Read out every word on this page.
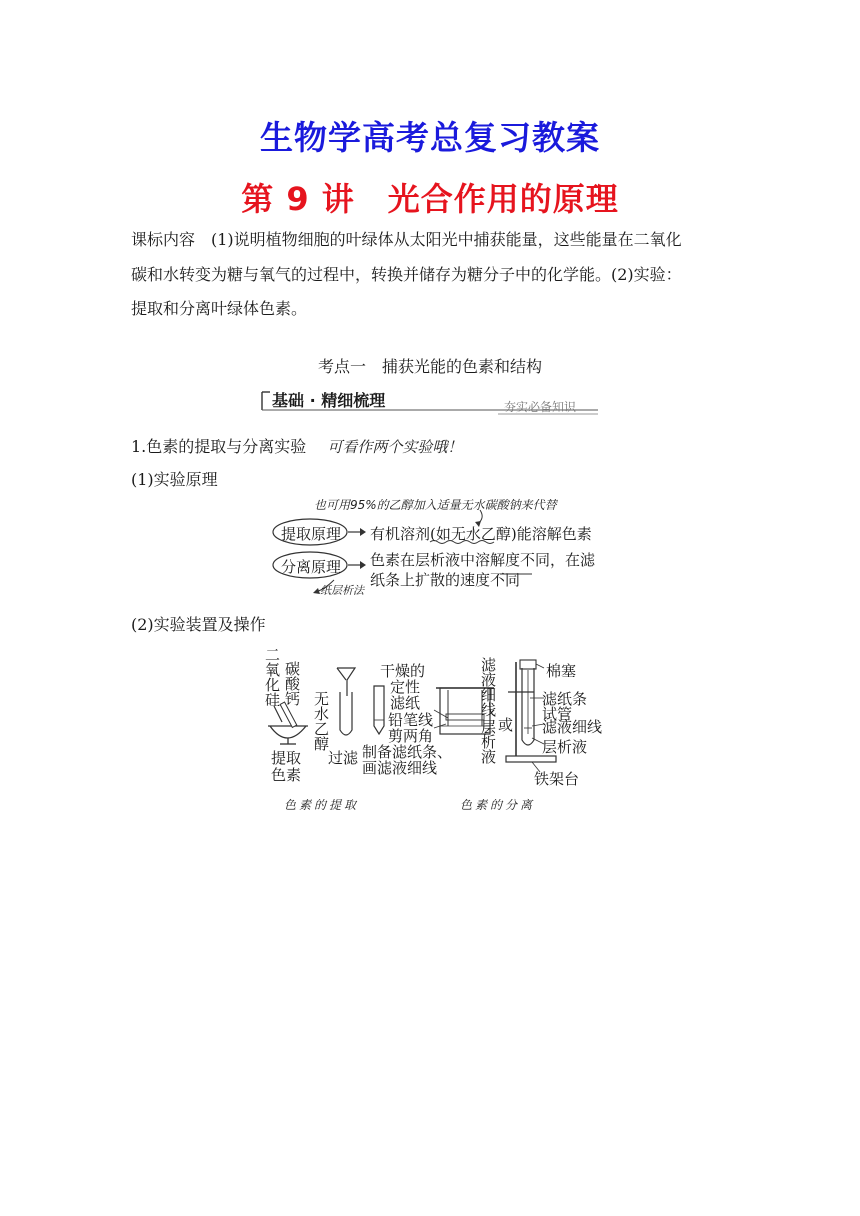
生物学高考总复习教案
第 9 讲　光合作用的原理
课标内容　(1)说明植物细胞的叶绿体从太阳光中捕获能量，这些能量在二氧化
碳和水转变为糖与氧气的过程中，转换并储存为糖分子中的化学能。(2)实验：
提取和分离叶绿体色素。
考点一　捕获光能的色素和结构
基础 · 精细梳理	夯实必备知识
1.色素的提取与分离实验 可看作两个实验哦！
(1)实验原理
也可用95%的乙醇加入适量无水碳酸钠来代替
提取原理
分离原理
有机溶剂(如无水乙醇)能溶解色素
色素在层析液中溶解度不同，在滤
纸条上扩散的速度不同
纸层析法
(2)实验装置及操作
二氧化硅
碳酸钙 无水乙醇
提取色素
过滤
干燥的
定性
滤纸
铅笔线
剪两角
制备滤纸条、
画滤液细线
滤液细线
层析液
或
棉塞
滤纸条
试管
滤液细线
层析液
铁架台
色素的提取	色素的分离
